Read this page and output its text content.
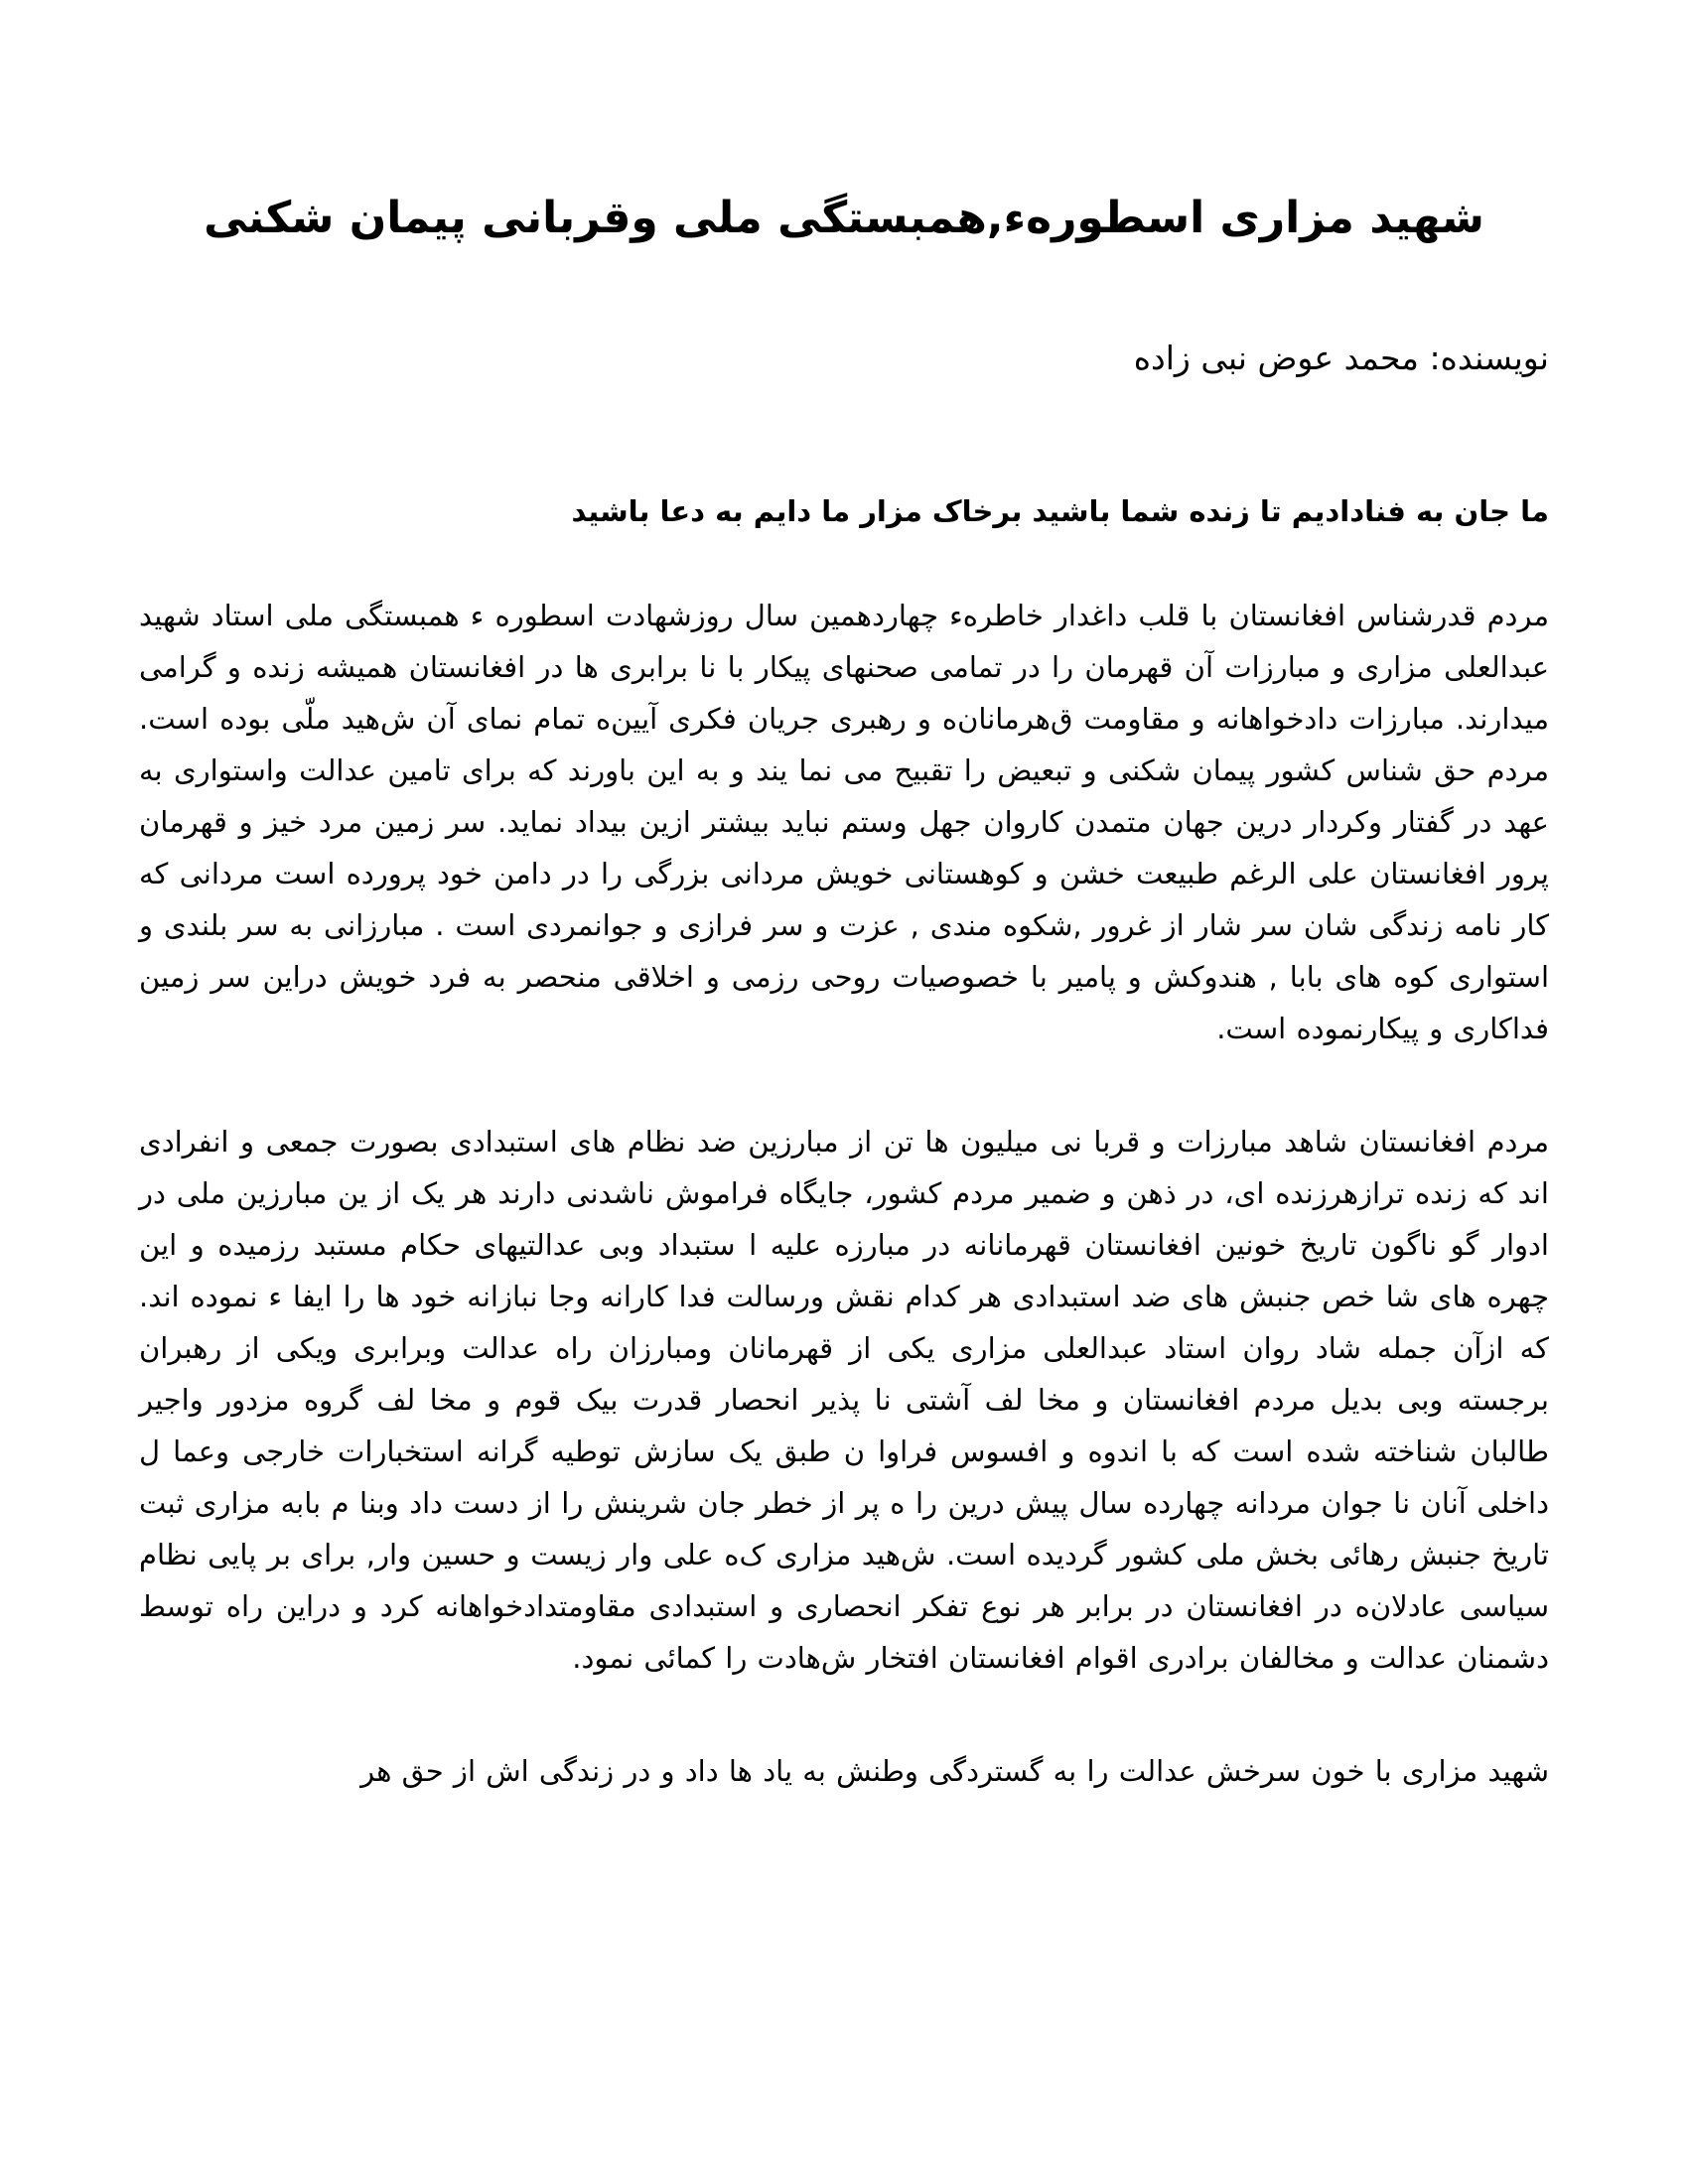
شهید مزاری اسطورهء,همبستگی ملی وقربانی پیمان شکنی
نویسنده: محمد عوض نبی زاده
ما جان به فنادادیم تا زنده شما باشید برخاک مزار ما دایم به دعا باشید

مردم قدرشناس افغانستان با قلب داغدار خاطرهء چهاردهمین سال روزشهادت اسطوره ء همبستگی ملی استاد شهید عبدالعلی مزاری و مبارزات آن قهرمان را در تمامی صحنهای پیکار با نا برابری ها در افغانستان همیشه زنده و گرامی میدارند. مبارزات دادخواهانه و مقاومت ق‌هرمانان‌ه و رهبری جریان فکری آیین‌ه تمام نمای آن ش‌هید ملّی بوده است. مردم حق شناس کشور پیمان شکنی و تبعیض را تقبیح می نما یند و به این باورند که برای تامین عدالت واستواری به عهد در گفتار وکردار درین جهان متمدن کاروان جهل وستم نباید بیشتر ازین بیداد نماید. سر زمین مرد خیز و قهرمان پرور افغانستان علی الرغم طبیعت خشن و کوهستانی خویش مردانی بزرگی را در دامن خود پرورده است مردانی که کار نامه زندگی شان سر شار از غرور ,شکوه مندی , عزت و سر فرازی و جوانمردی است . مبارزانی به سر بلندی و استواری کوه های بابا , هندوکش و پامیر با خصوصیات روحی رزمی و اخلاقی منحصر به فرد خویش دراین سر زمین فداکاری و پیکارنموده است.

مردم افغانستان شاهد مبارزات و قربا نی میلیون ها تن از مبارزین ضد نظام های استبدادی بصورت جمعی و انفرادی اند که زنده ترازهرزنده ای، در ذهن و ضمیر مردم کشور، جایگاه فراموش ناشدنی دارند هر یک از ین مبارزین ملی در ادوار گو ناگون تاریخ خونین افغانستان قهرمانانه در مبارزه علیه ا ستبداد وبی عدالتیهای حکام مستبد رزمیده و این چهره های شا خص جنبش های ضد استبدادی هر کدام نقش ورسالت فدا کارانه وجا نبازانه خود ها را ایفا ء نموده اند. که ازآن جمله شاد روان استاد عبدالعلی مزاری یکی از قهرمانان ومبارزان راه عدالت وبرابری ویکی از رهبران برجسته وبی بدیل مردم افغانستان و مخا لف آشتی نا پذیر انحصار قدرت بیک قوم و مخا لف گروه مزدور واجیر طالبان شناخته شده است که با اندوه و افسوس فراوا ن طبق یک سازش توطیه گرانه استخبارات خارجی وعما ل داخلی آنان نا جوان مردانه چهارده سال پیش درین را ه پر از خطر جان شرینش را از دست داد وبنا م بابه مزاری ثبت تاریخ جنبش رهائی بخش ملی کشور گردیده است. ش‌هید مزاری ک‌ه علی وار زیست و حسین وار, برای بر پایی نظام سیاسی عادلان‌ه در افغانستان در برابر هر نوع تفکر انحصاری و استبدادی مقاومتدادخواهانه کرد و دراین راه توسط دشمنان عدالت و مخالفان برادری اقوام افغانستان افتخار ش‌هادت را کمائی نمود.

شهید مزاری با خون سرخش عدالت را به گستردگی وطنش به یاد ها داد و در زندگی اش از حق هر
